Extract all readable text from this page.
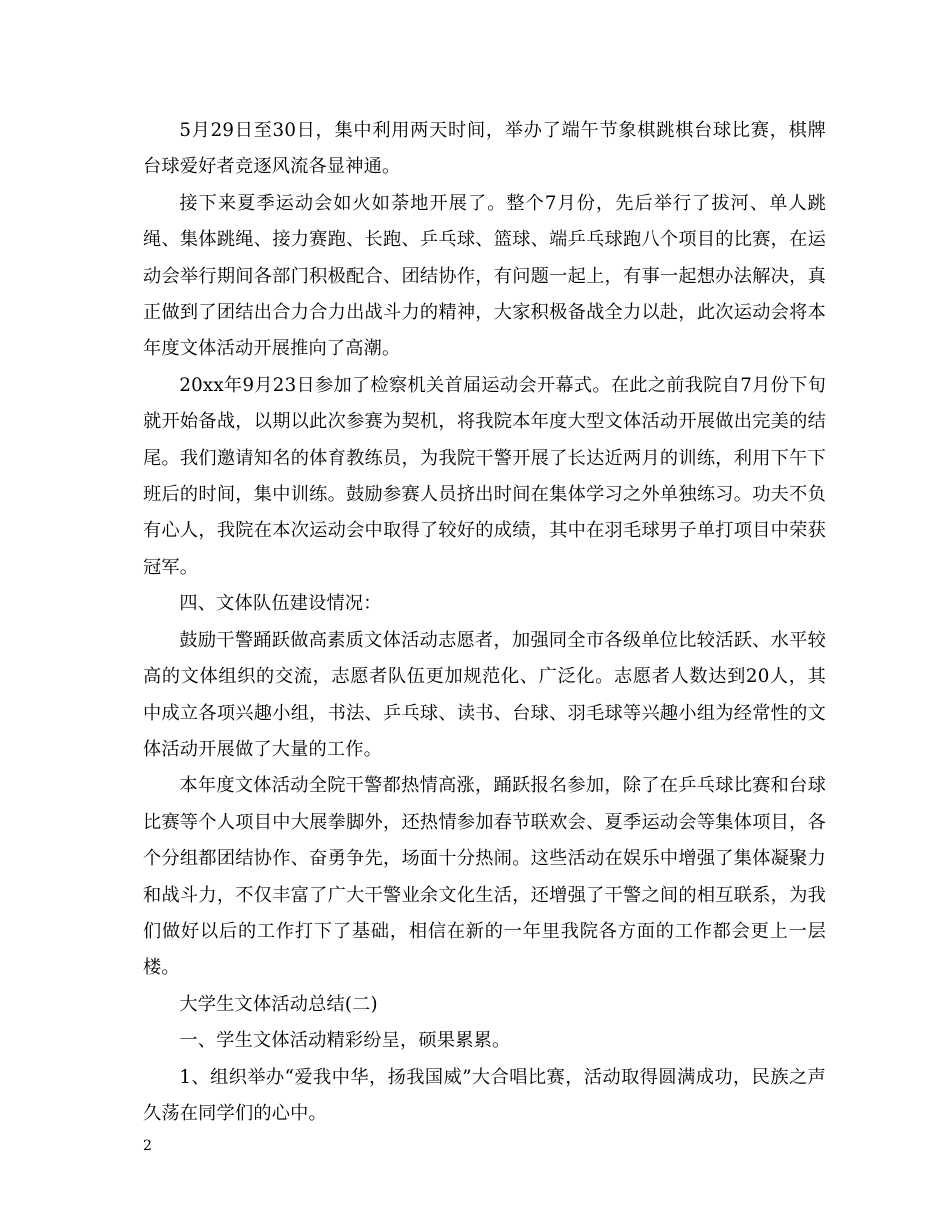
5月29日至30日，集中利用两天时间，举办了端午节象棋跳棋台球比赛，棋牌台球爱好者竞逐风流各显神通。

接下来夏季运动会如火如荼地开展了。整个7月份，先后举行了拔河、单人跳绳、集体跳绳、接力赛跑、长跑、乒乓球、篮球、端乒乓球跑八个项目的比赛，在运动会举行期间各部门积极配合、团结协作，有问题一起上，有事一起想办法解决，真正做到了团结出合力合力出战斗力的精神，大家积极备战全力以赴，此次运动会将本年度文体活动开展推向了高潮。

20xx年9月23日参加了检察机关首届运动会开幕式。在此之前我院自7月份下旬就开始备战，以期以此次参赛为契机，将我院本年度大型文体活动开展做出完美的结尾。我们邀请知名的体育教练员，为我院干警开展了长达近两月的训练，利用下午下班后的时间，集中训练。鼓励参赛人员挤出时间在集体学习之外单独练习。功夫不负有心人，我院在本次运动会中取得了较好的成绩，其中在羽毛球男子单打项目中荣获冠军。

四、文体队伍建设情况：

鼓励干警踊跃做高素质文体活动志愿者，加强同全市各级单位比较活跃、水平较高的文体组织的交流，志愿者队伍更加规范化、广泛化。志愿者人数达到20人，其中成立各项兴趣小组，书法、乒乓球、读书、台球、羽毛球等兴趣小组为经常性的文体活动开展做了大量的工作。

本年度文体活动全院干警都热情高涨，踊跃报名参加，除了在乒乓球比赛和台球比赛等个人项目中大展拳脚外，还热情参加春节联欢会、夏季运动会等集体项目，各个分组都团结协作、奋勇争先，场面十分热闹。这些活动在娱乐中增强了集体凝聚力和战斗力，不仅丰富了广大干警业余文化生活，还增强了干警之间的相互联系，为我们做好以后的工作打下了基础，相信在新的一年里我院各方面的工作都会更上一层楼。

大学生文体活动总结(二)

一、学生文体活动精彩纷呈，硕果累累。

1、组织举办“爱我中华，扬我国威”大合唱比赛，活动取得圆满成功，民族之声久荡在同学们的心中。

2
